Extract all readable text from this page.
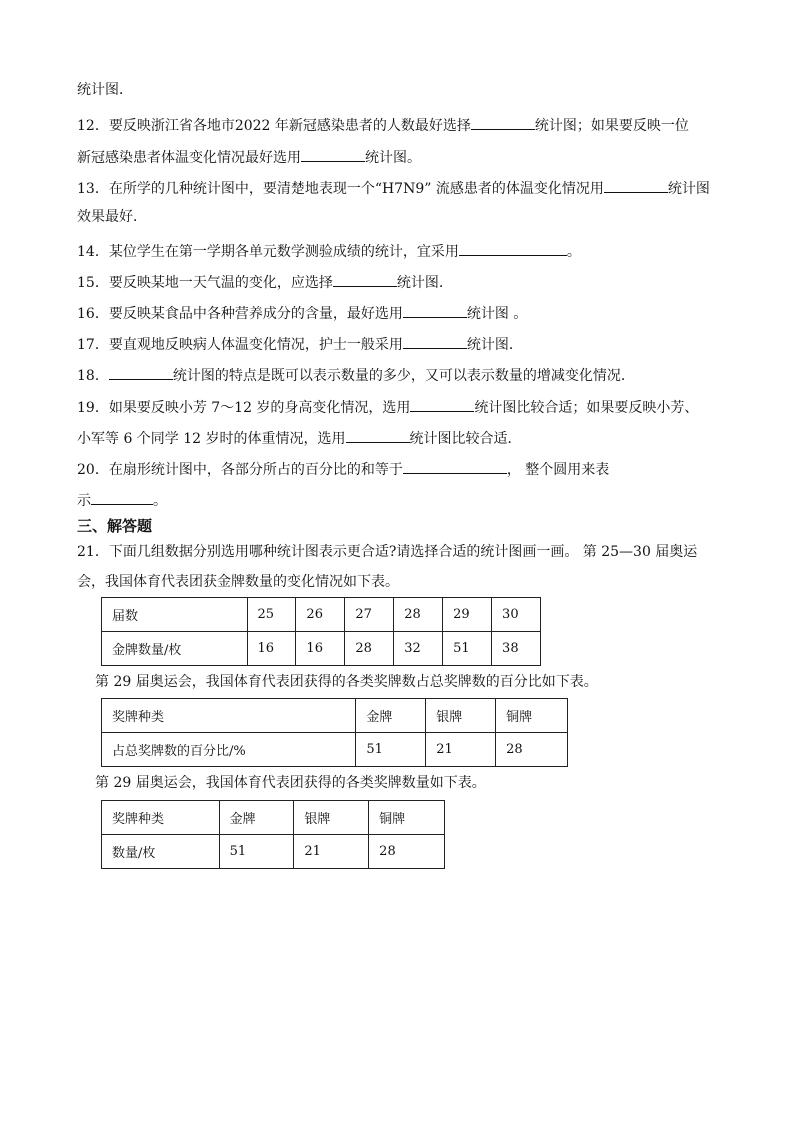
统计图．
12．要反映浙江省各地市2022 年新冠感染患者的人数最好选择	统计图；如果要反映一位
新冠感染患者体温变化情况最好选用	统计图。
13．在所学的几种统计图中，要清楚地表现一个“H7N9” 流感患者的体温变化情况用	统计图
效果最好．
14．某位学生在第一学期各单元数学测验成绩的统计，宜采用	。
15．要反映某地一天气温的变化，应选择	统计图.
16．要反映某食品中各种营养成分的含量，最好选用	统计图 。
17．要直观地反映病人体温变化情况，护士一般采用	统计图．
18．	统计图的特点是既可以表示数量的多少，又可以表示数量的增减变化情况．
19．如果要反映小芳 7～12 岁的身高变化情况，选用	统计图比较合适；如果要反映小芳、
小军等 6 个同学 12 岁时的体重情况，选用	统计图比较合适．
20．在扇形统计图中，各部分所占的百分比的和等于	， 整个圆用来表
示	。
三、解答题
21．下面几组数据分别选用哪种统计图表示更合适?请选择合适的统计图画一画。 第 25—30 届奥运
会，我国体育代表团获金牌数量的变化情况如下表。
届数	25	26	27	28	29	30
金牌数量/枚	16	16	28	32	51	38
第 29 届奥运会，我国体育代表团获得的各类奖牌数占总奖牌数的百分比如下表。
奖牌种类	金牌	银牌	铜牌
占总奖牌数的百分比/%	51	21	28
第 29 届奥运会，我国体育代表团获得的各类奖牌数量如下表。
奖牌种类	金牌	银牌	铜牌
数量/枚	51	21	28
